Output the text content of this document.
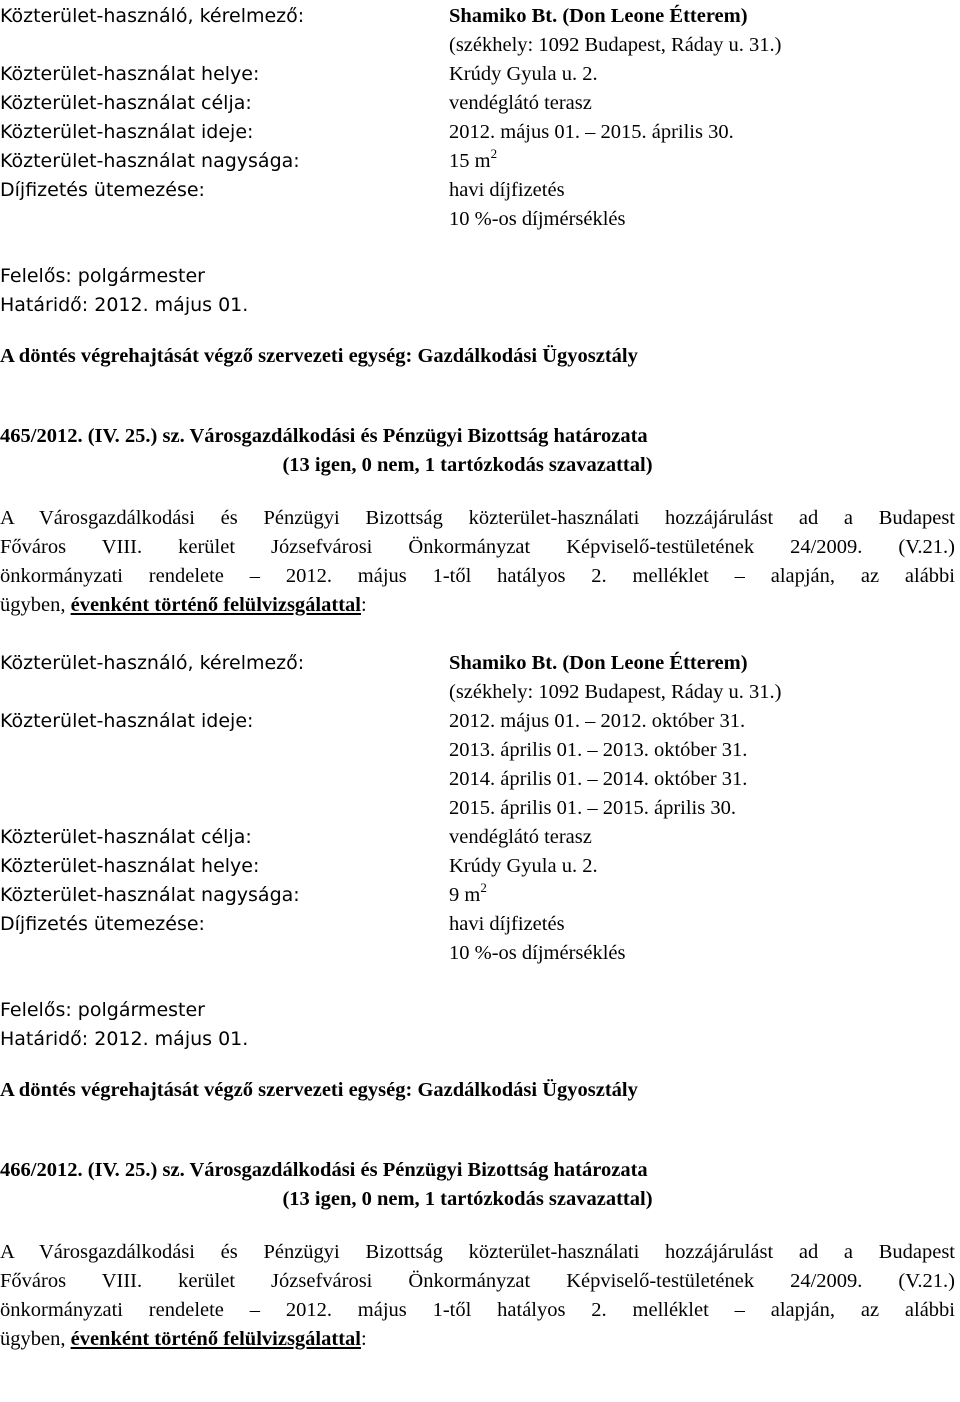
Közterület-használó, kérelmező:	Shamiko Bt. (Don Leone Étterem)
(székhely: 1092 Budapest, Ráday u. 31.)
Közterület-használat helye:	Krúdy Gyula u. 2.
Közterület-használat célja:	vendéglátó terasz
Közterület-használat ideje:	2012. május 01. – 2015. április 30.
Közterület-használat nagysága:	15 $m^2$
Díjfizetés ütemezése:	havi díjfizetés
10 %-os díjmérséklés
Felelős: polgármester
Határidő: 2012. május 01.
A döntés végrehajtását végző szervezeti egység: Gazdálkodási Ügyosztály
465/2012. (IV. 25.) sz. Városgazdálkodási és Pénzügyi Bizottság határozata
(13 igen, 0 nem, 1 tartózkodás szavazattal)
A Városgazdálkodási és Pénzügyi Bizottság közterület-használati hozzájárulást ad a Budapest
Főváros VIII. kerület Józsefvárosi Önkormányzat Képviselő-testületének 24/2009. (V.21.)
önkormányzati rendelete – 2012. május 1-től hatályos 2. melléklet – alapján, az alábbi
ügyben, évenként történő felülvizsgálattal:
Közterület-használó, kérelmező:	Shamiko Bt. (Don Leone Étterem)
(székhely: 1092 Budapest, Ráday u. 31.)
Közterület-használat ideje:	2012. május 01. – 2012. október 31.
2013. április 01. – 2013. október 31.
2014. április 01. – 2014. október 31.
2015. április 01. – 2015. április 30.
Közterület-használat célja:	vendéglátó terasz
Közterület-használat helye:	Krúdy Gyula u. 2.
Közterület-használat nagysága:	9 $m^2$
Díjfizetés ütemezése:	havi díjfizetés
10 %-os díjmérséklés
Felelős: polgármester
Határidő: 2012. május 01.
A döntés végrehajtását végző szervezeti egység: Gazdálkodási Ügyosztály
466/2012. (IV. 25.) sz. Városgazdálkodási és Pénzügyi Bizottság határozata
(13 igen, 0 nem, 1 tartózkodás szavazattal)
A Városgazdálkodási és Pénzügyi Bizottság közterület-használati hozzájárulást ad a Budapest
Főváros VIII. kerület Józsefvárosi Önkormányzat Képviselő-testületének 24/2009. (V.21.)
önkormányzati rendelete – 2012. május 1-től hatályos 2. melléklet – alapján, az alábbi
ügyben, évenként történő felülvizsgálattal:
